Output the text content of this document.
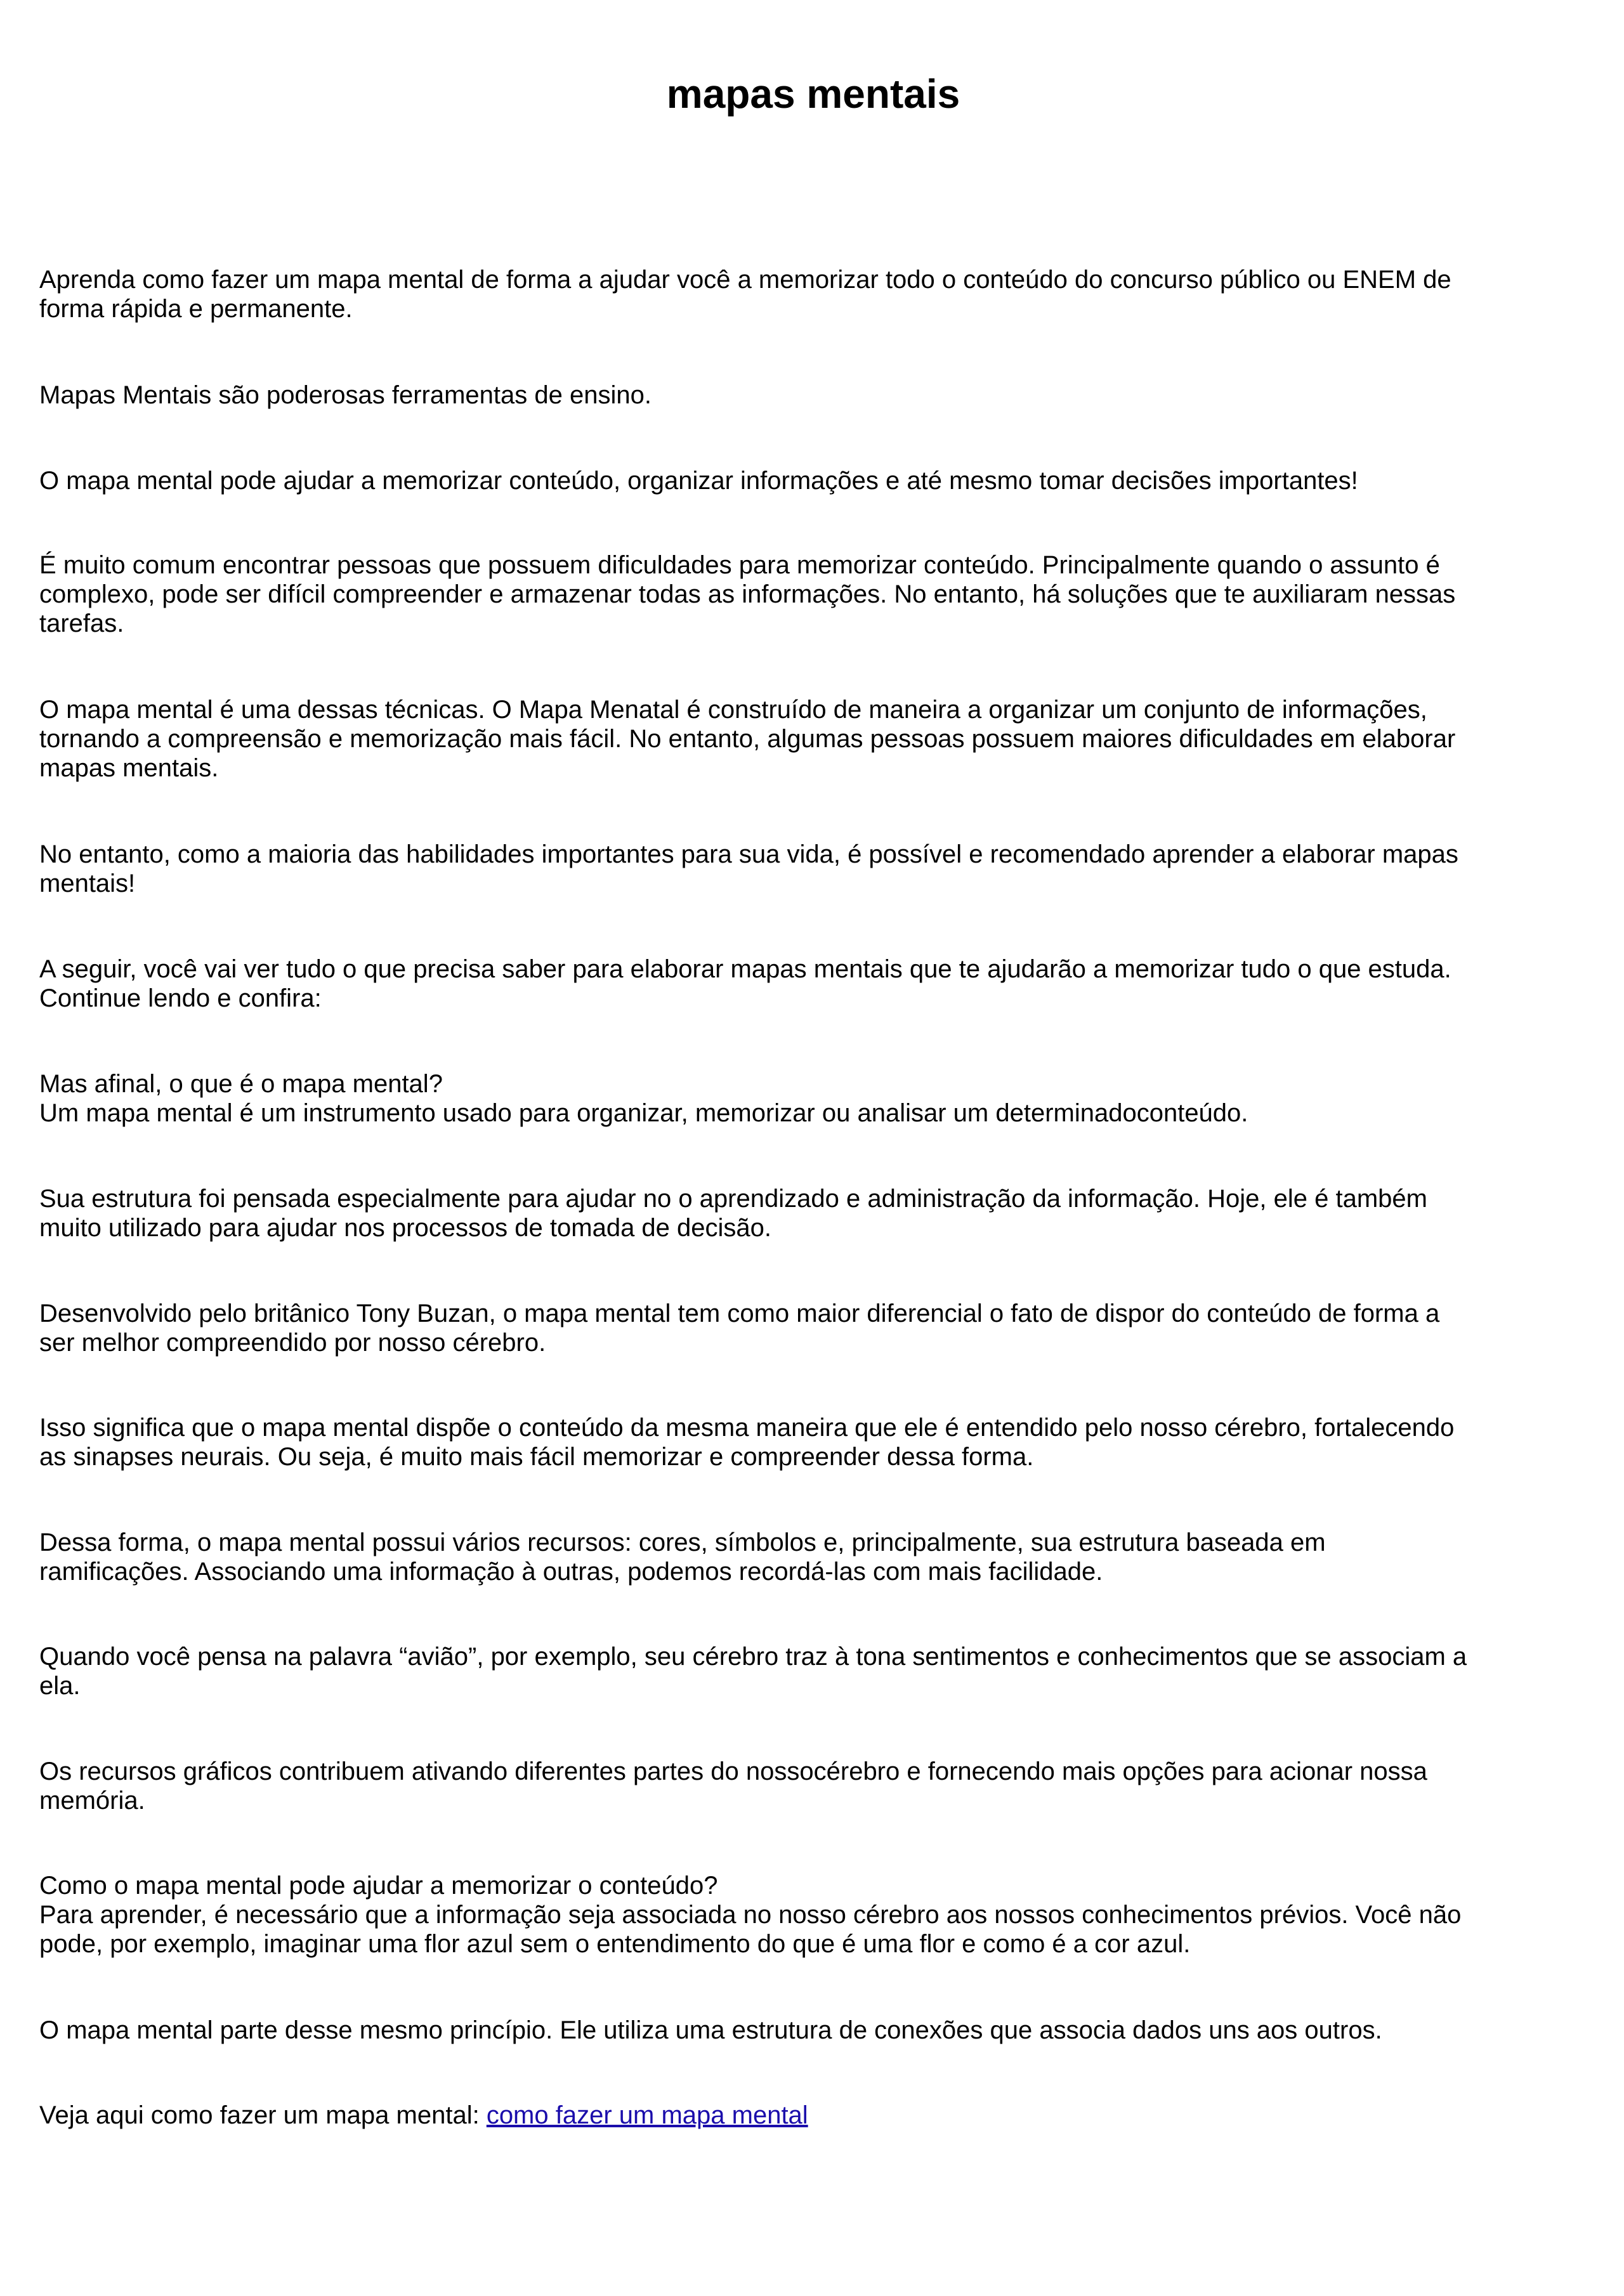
mapas mentais
Aprenda como fazer um mapa mental de forma a ajudar você a memorizar todo o conteúdo do concurso público ou ENEM de
forma rápida e permanente.
Mapas Mentais são poderosas ferramentas de ensino.
O mapa mental pode ajudar a memorizar conteúdo, organizar informações e até mesmo tomar decisões importantes!
É muito comum encontrar pessoas que possuem dificuldades para memorizar conteúdo. Principalmente quando o assunto é
complexo, pode ser difícil compreender e armazenar todas as informações. No entanto, há soluções que te auxiliaram nessas
tarefas.
O mapa mental é uma dessas técnicas. O Mapa Menatal é construído de maneira a organizar um conjunto de informações,
tornando a compreensão e memorização mais fácil. No entanto, algumas pessoas possuem maiores dificuldades em elaborar
mapas mentais.
No entanto, como a maioria das habilidades importantes para sua vida, é possível e recomendado aprender a elaborar mapas
mentais!
A seguir, você vai ver tudo o que precisa saber para elaborar mapas mentais que te ajudarão a memorizar tudo o que estuda.
Continue lendo e confira:
Mas afinal, o que é o mapa mental?
Um mapa mental é um instrumento usado para organizar, memorizar ou analisar um determinadoconteúdo.
Sua estrutura foi pensada especialmente para ajudar no o aprendizado e administração da informação. Hoje, ele é também
muito utilizado para ajudar nos processos de tomada de decisão.
Desenvolvido pelo britânico Tony Buzan, o mapa mental tem como maior diferencial o fato de dispor do conteúdo de forma a
ser melhor compreendido por nosso cérebro.
Isso significa que o mapa mental dispõe o conteúdo da mesma maneira que ele é entendido pelo nosso cérebro, fortalecendo
as sinapses neurais. Ou seja, é muito mais fácil memorizar e compreender dessa forma.
Dessa forma, o mapa mental possui vários recursos: cores, símbolos e, principalmente, sua estrutura baseada em
ramificações. Associando uma informação à outras, podemos recordá-las com mais facilidade.
Quando você pensa na palavra “avião”, por exemplo, seu cérebro traz à tona sentimentos e conhecimentos que se associam a
ela.
Os recursos gráficos contribuem ativando diferentes partes do nossocérebro e fornecendo mais opções para acionar nossa
memória.
Como o mapa mental pode ajudar a memorizar o conteúdo?
Para aprender, é necessário que a informação seja associada no nosso cérebro aos nossos conhecimentos prévios. Você não
pode, por exemplo, imaginar uma flor azul sem o entendimento do que é uma flor e como é a cor azul.
O mapa mental parte desse mesmo princípio. Ele utiliza uma estrutura de conexões que associa dados uns aos outros.
Veja aqui como fazer um mapa mental: como fazer um mapa mental
